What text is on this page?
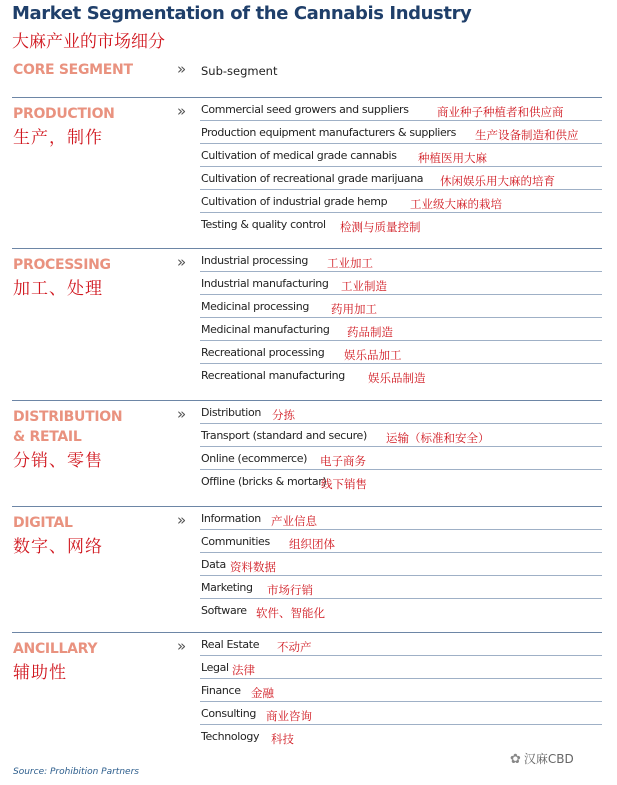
Market Segmentation of the Cannabis Industry
大麻产业的市场细分
CORE SEGMENT	» Sub-segment
PRODUCTION
生产，制作
» Commercial seed growers and suppliers 商业种子种植者和供应商
Production equipment manufacturers & suppliers 生产设备制造和供应
Cultivation of medical grade cannabis 种植医用大麻
Cultivation of recreational grade marijuana 休闲娱乐用大麻的培育
Cultivation of industrial grade hemp 工业级大麻的栽培
Testing & quality control 检测与质量控制
PROCESSING
加工、处理
» Industrial processing 工业加工
Industrial manufacturing 工业制造
Medicinal processing 药用加工
Medicinal manufacturing 药品制造
Recreational processing 娱乐品加工
Recreational manufacturing 娱乐品制造
DISTRIBUTION
& RETAIL
分销、零售
» Distribution 分拣
Transport (standard and secure) 运输（标准和安全）
Online (ecommerce) 电子商务
Offline (bricks & mortar)
线下销售
DIGITAL
数字、网络
» Information 产业信息
Communities 组织团体
Data 资料数据
Marketing 市场行销
Software 软件、智能化
ANCILLARY
辅助性
» Real Estate 不动产
Legal 法律
Finance 金融
Consulting 商业咨询
Technology 科技
Source: Prohibition Partners
✿ 汉麻CBD
